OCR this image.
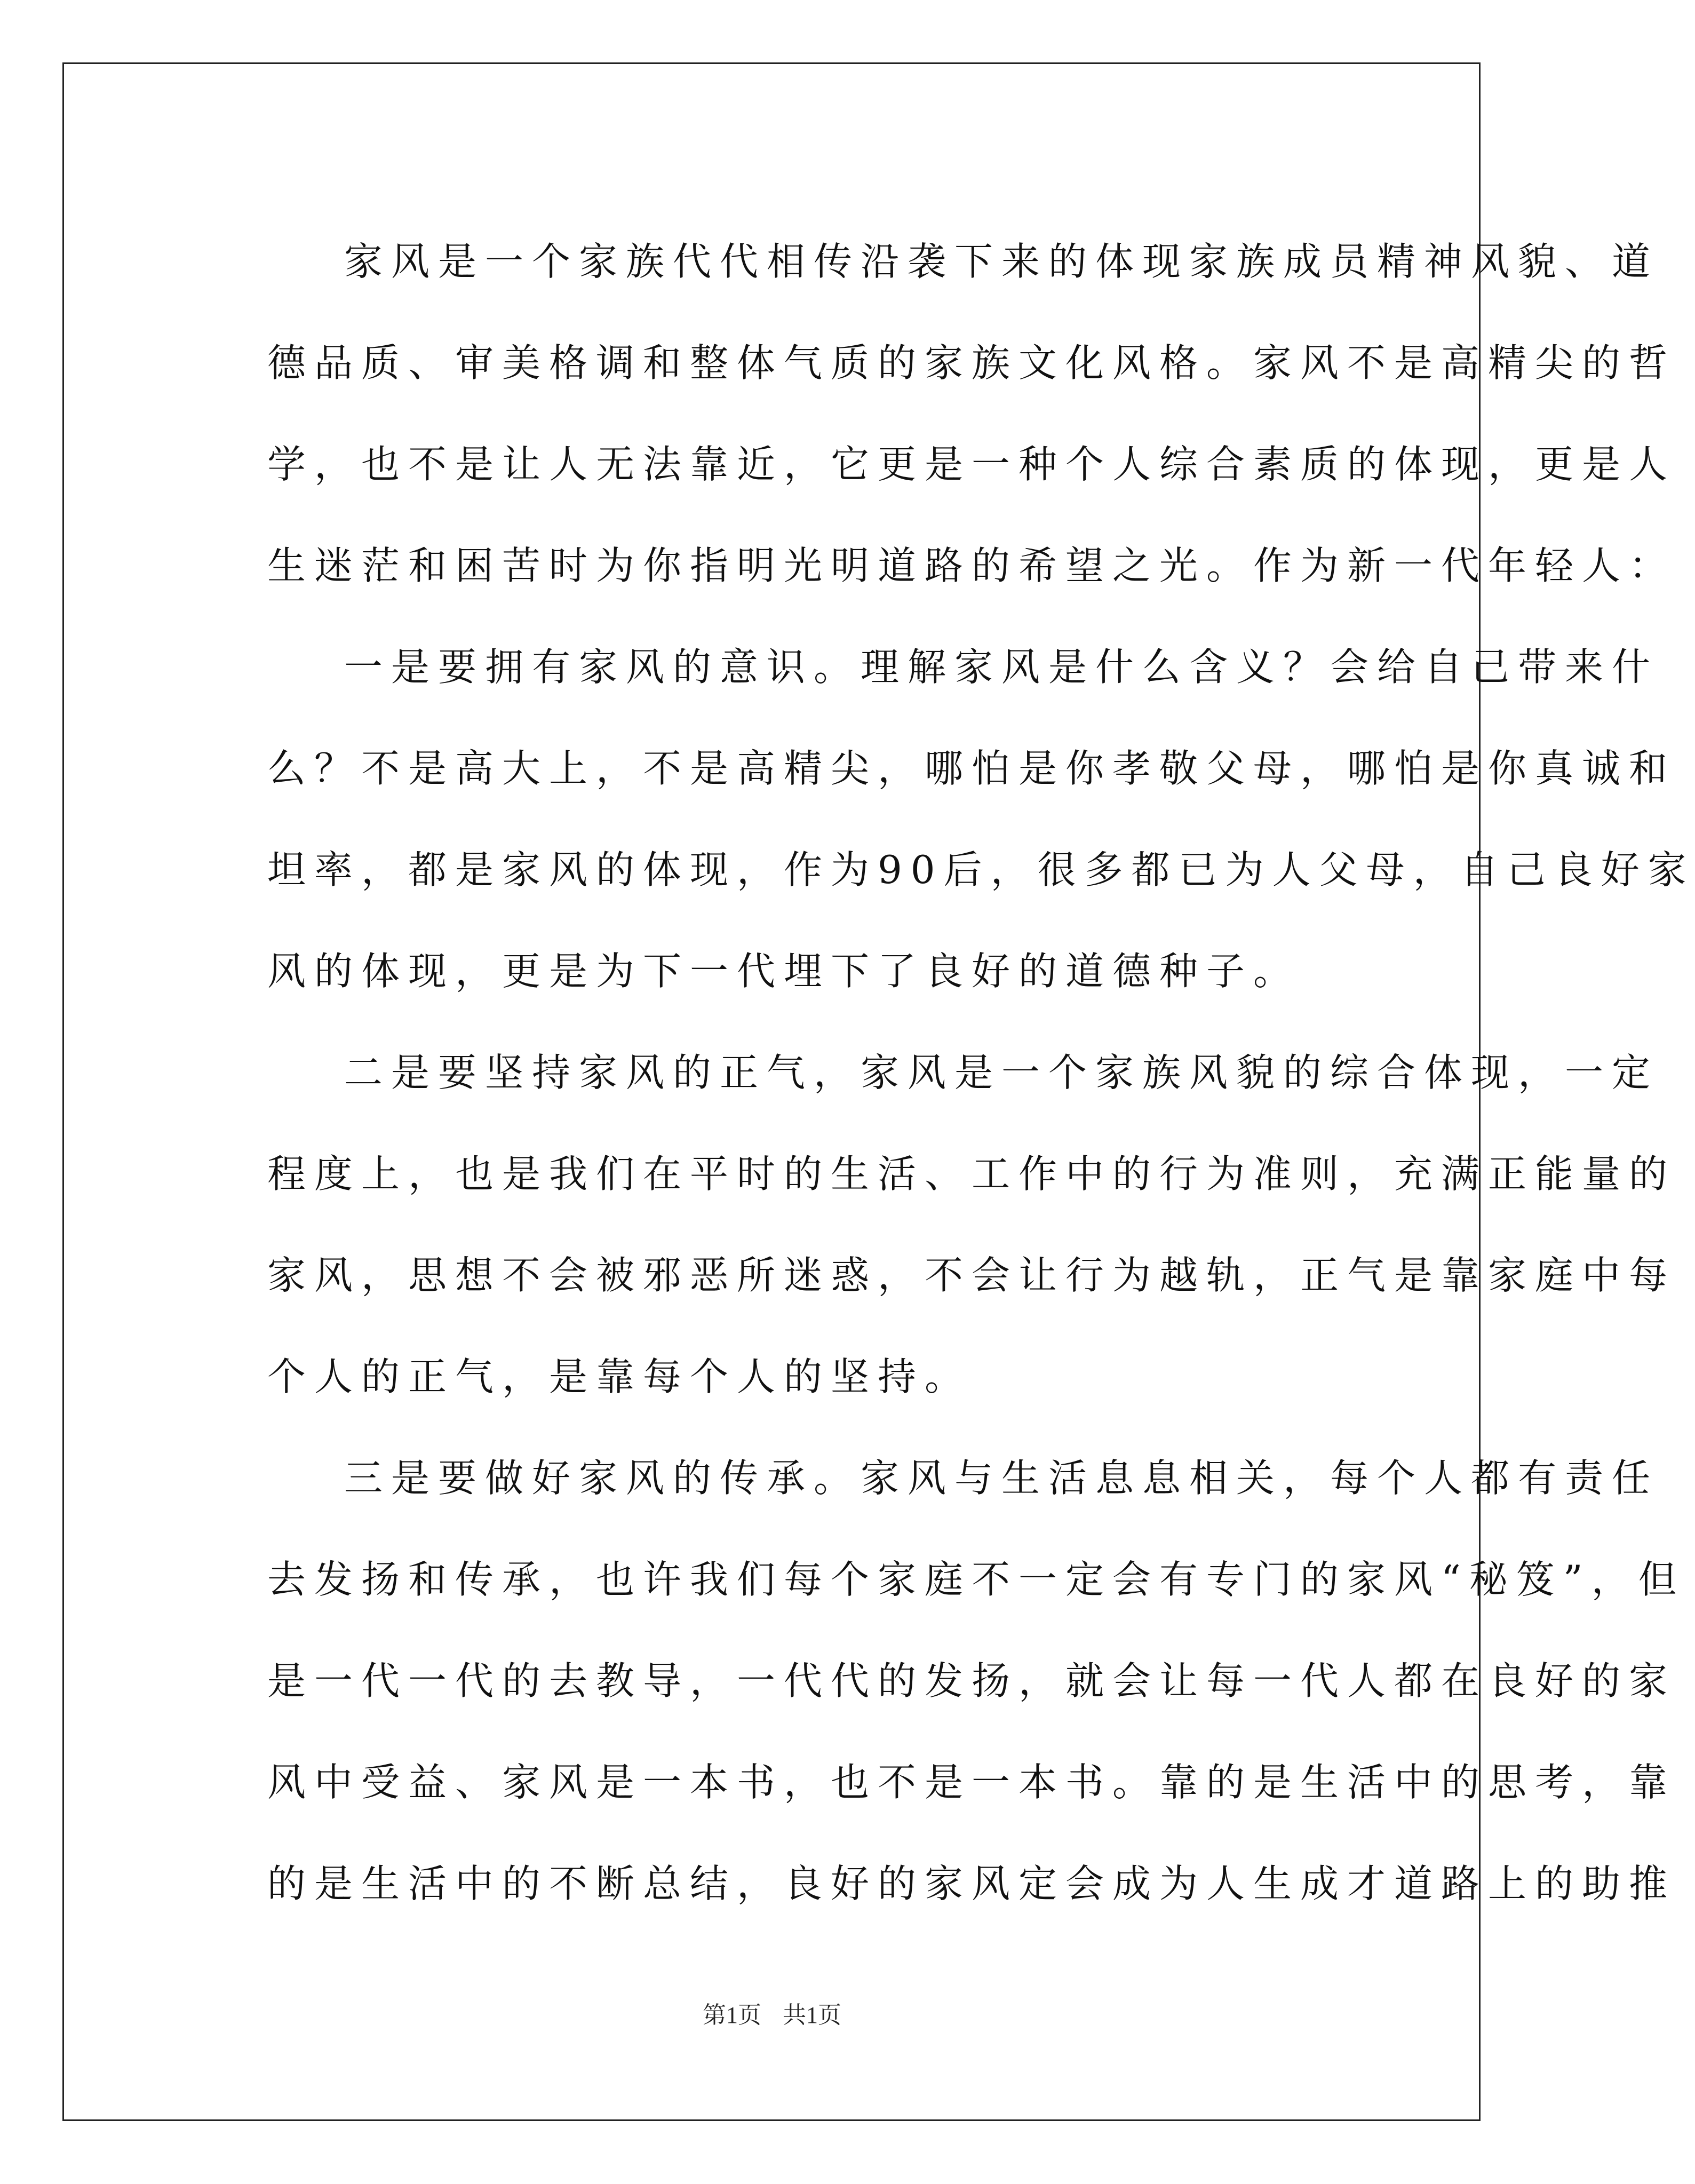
家风是一个家族代代相传沿袭下来的体现家族成员精神风貌、道
德品质、审美格调和整体气质的家族文化风格。家风不是高精尖的哲
学，也不是让人无法靠近，它更是一种个人综合素质的体现，更是人
生迷茫和困苦时为你指明光明道路的希望之光。作为新一代年轻人：

一是要拥有家风的意识。理解家风是什么含义？会给自己带来什
么？不是高大上，不是高精尖，哪怕是你孝敬父母，哪怕是你真诚和
坦率，都是家风的体现，作为90后，很多都已为人父母，自己良好家
风的体现，更是为下一代埋下了良好的道德种子。

二是要坚持家风的正气，家风是一个家族风貌的综合体现，一定
程度上，也是我们在平时的生活、工作中的行为准则，充满正能量的
家风，思想不会被邪恶所迷惑，不会让行为越轨，正气是靠家庭中每
个人的正气，是靠每个人的坚持。

三是要做好家风的传承。家风与生活息息相关，每个人都有责任
去发扬和传承，也许我们每个家庭不一定会有专门的家风“秘笈”，但
是一代一代的去教导，一代代的发扬，就会让每一代人都在良好的家
风中受益、家风是一本书，也不是一本书。靠的是生活中的思考，靠
的是生活中的不断总结，良好的家风定会成为人生成才道路上的助推

第1页 共1页
